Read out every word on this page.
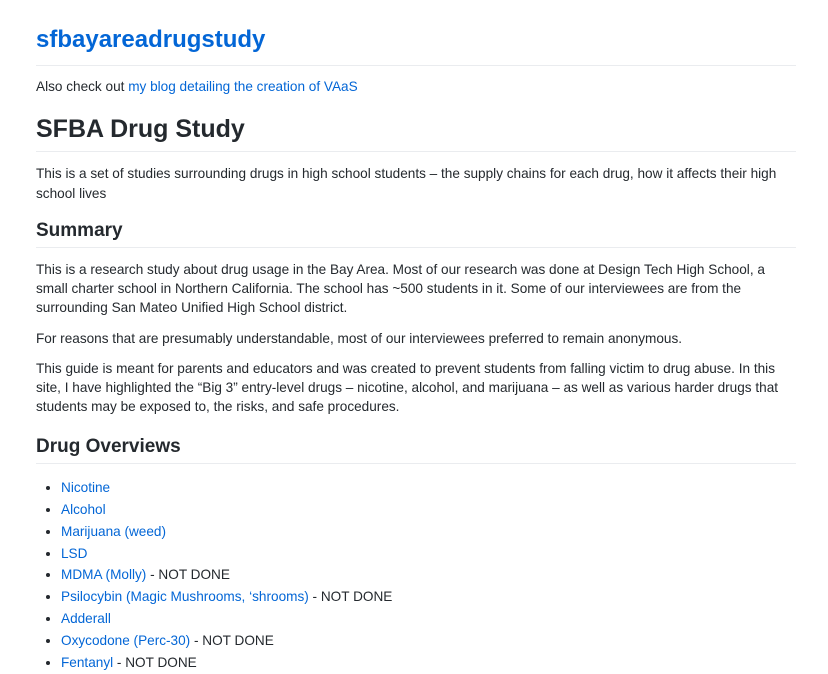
sfbayareadrugstudy

Also check out my blog detailing the creation of VAaS

SFBA Drug Study

This is a set of studies surrounding drugs in high school students – the supply chains for each drug, how it affects their high school lives

Summary

This is a research study about drug usage in the Bay Area. Most of our research was done at Design Tech High School, a small charter school in Northern California. The school has ~500 students in it. Some of our interviewees are from the surrounding San Mateo Unified High School district.

For reasons that are presumably understandable, most of our interviewees preferred to remain anonymous.

This guide is meant for parents and educators and was created to prevent students from falling victim to drug abuse. In this site, I have highlighted the “Big 3” entry-level drugs – nicotine, alcohol, and marijuana – as well as various harder drugs that students may be exposed to, the risks, and safe procedures.

Drug Overviews
• Nicotine
• Alcohol
• Marijuana (weed)
• LSD
• MDMA (Molly) - NOT DONE
• Psilocybin (Magic Mushrooms, ‘shrooms) - NOT DONE
• Adderall
• Oxycodone (Perc-30) - NOT DONE
• Fentanyl - NOT DONE
